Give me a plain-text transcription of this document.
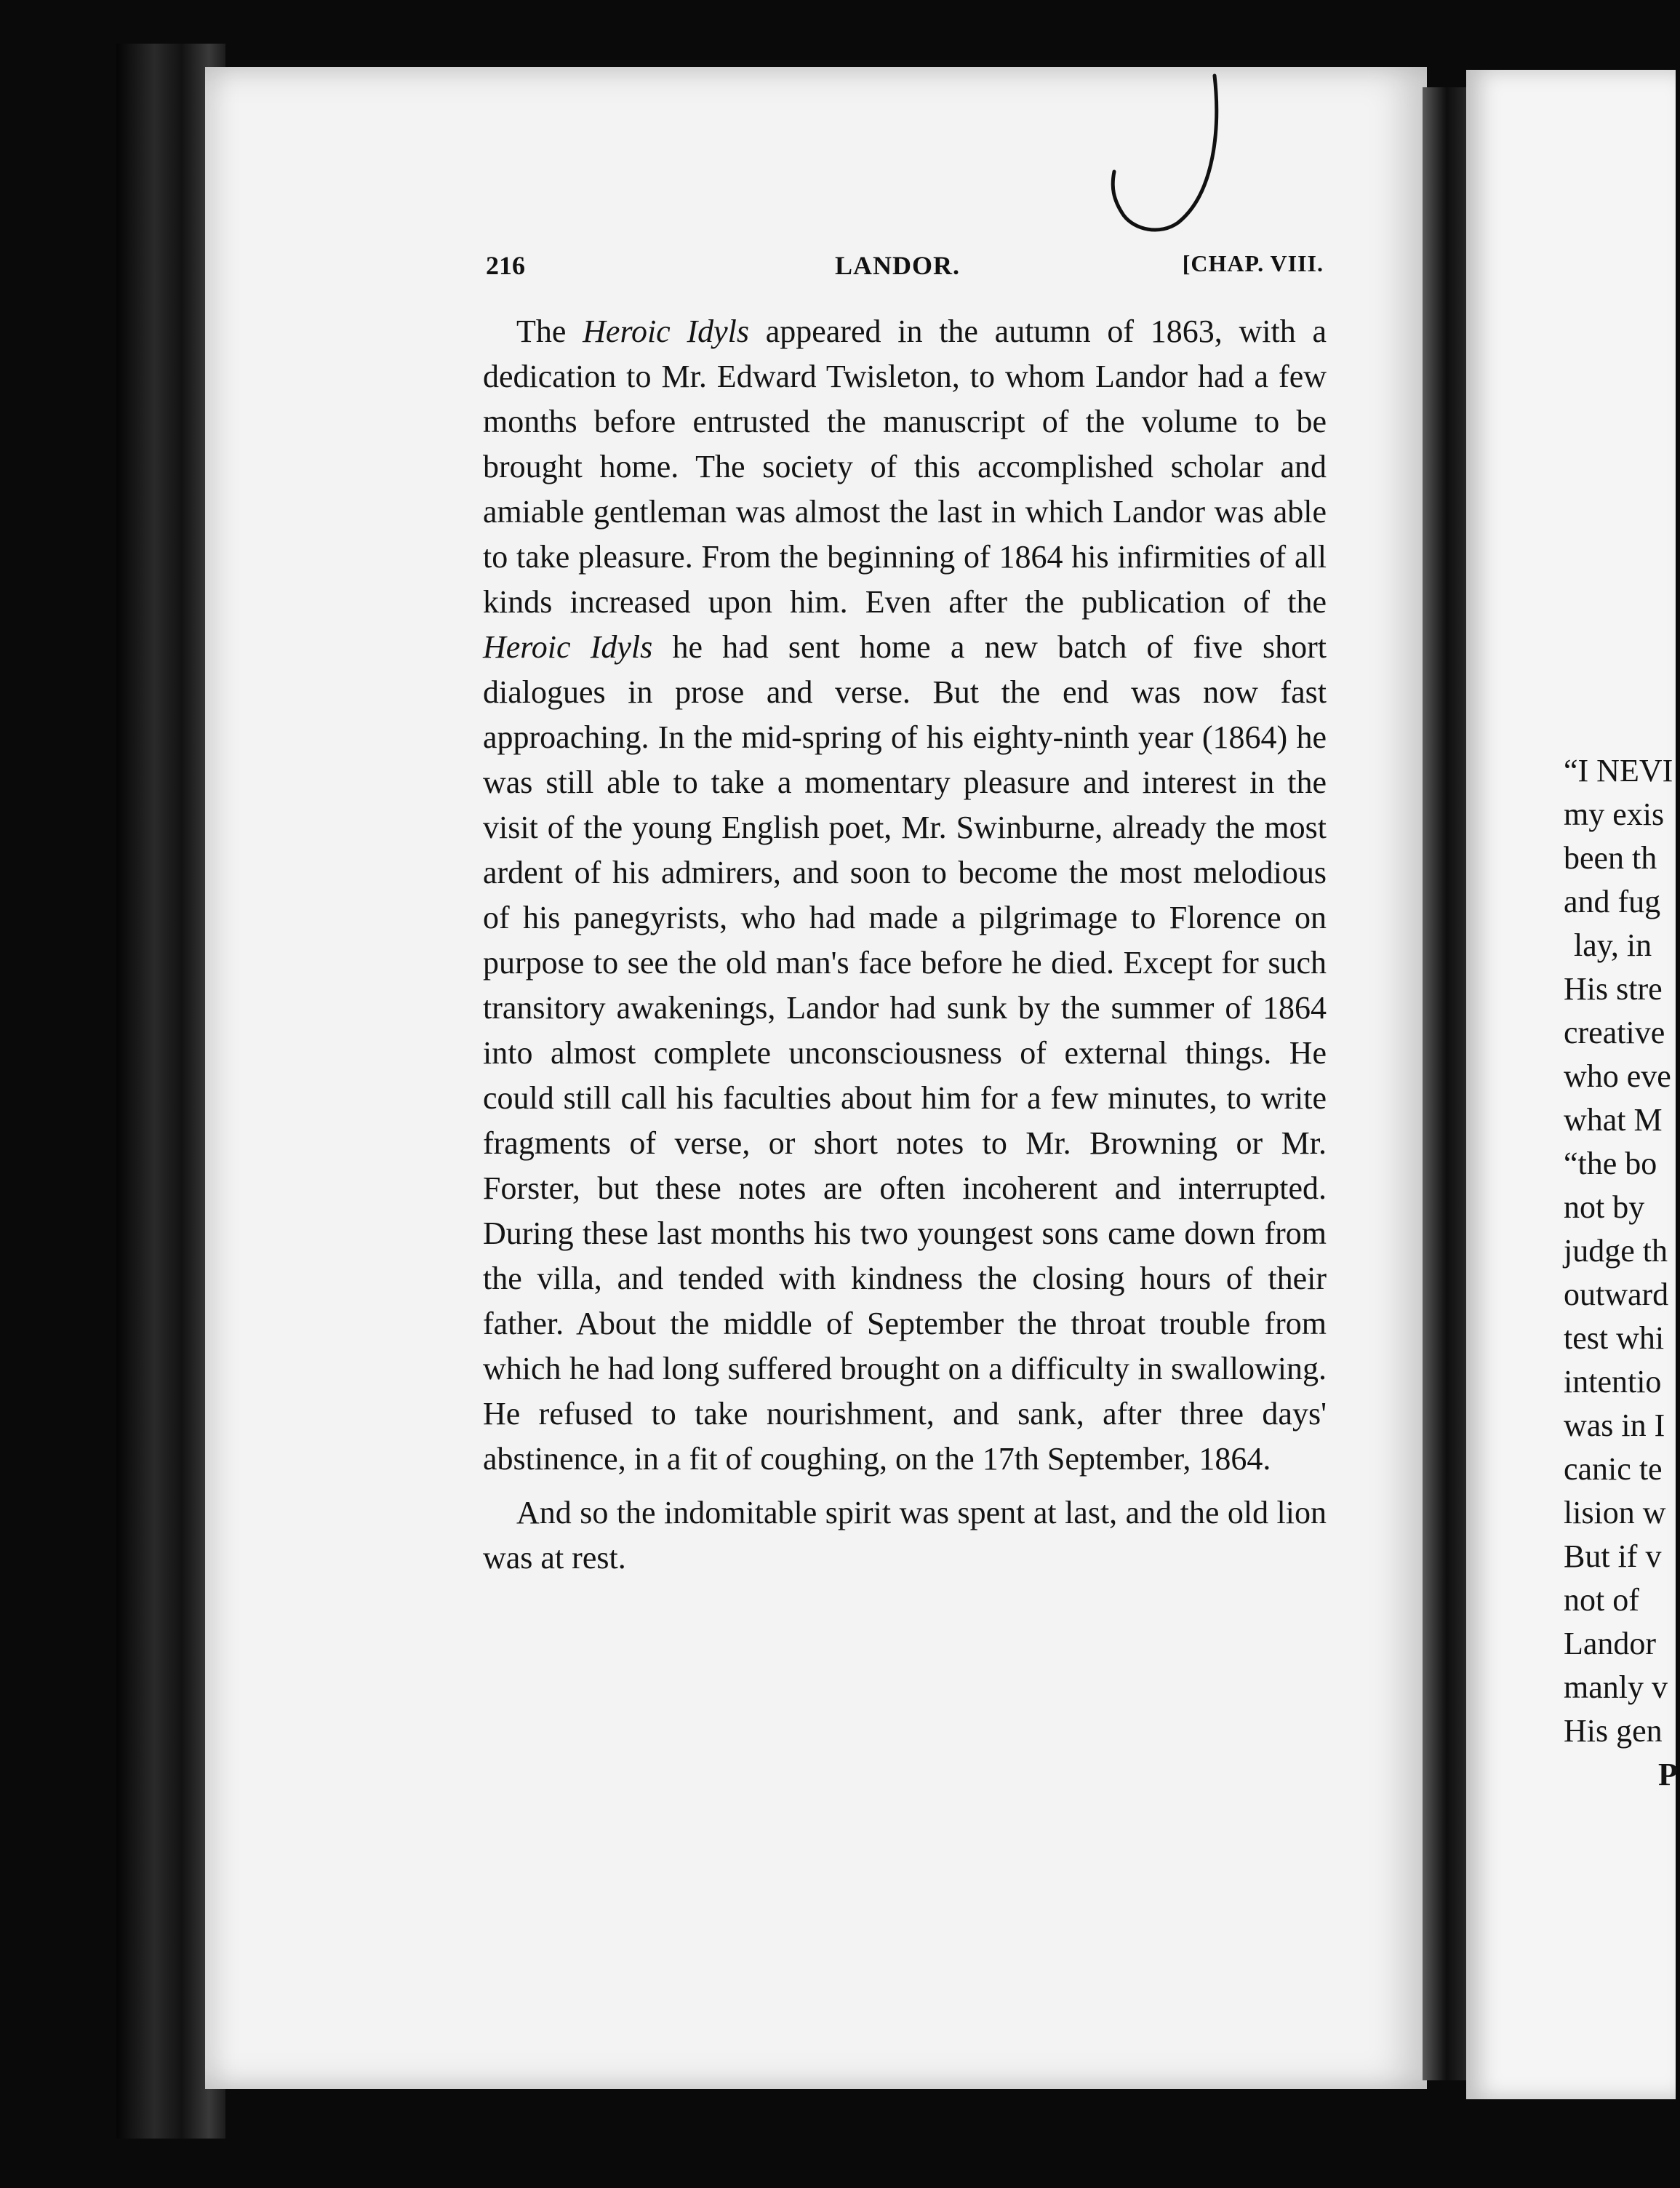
216	LANDOR.	[CHAP. VIII.

The Heroic Idyls appeared in the autumn of 1863, with a dedication to Mr. Edward Twisleton, to whom Landor had a few months before entrusted the manuscript of the volume to be brought home. The society of this accomplished scholar and amiable gentleman was almost the last in which Landor was able to take pleasure. From the beginning of 1864 his infirmities of all kinds increased upon him. Even after the publication of the Heroic Idyls he had sent home a new batch of five short dialogues in prose and verse. But the end was now fast approaching. In the mid-spring of his eighty-ninth year (1864) he was still able to take a momentary pleasure and interest in the visit of the young English poet, Mr. Swinburne, already the most ardent of his admirers, and soon to become the most melodious of his panegyrists, who had made a pilgrimage to Florence on purpose to see the old man's face before he died. Except for such transitory awakenings, Landor had sunk by the summer of 1864 into almost complete unconsciousness of external things. He could still call his faculties about him for a few minutes, to write fragments of verse, or short notes to Mr. Browning or Mr. Forster, but these notes are often incoherent and interrupted. During these last months his two youngest sons came down from the villa, and tended with kindness the closing hours of their father. About the middle of September the throat trouble from which he had long suffered brought on a difficulty in swallowing. He refused to take nourishment, and sank, after three days' abstinence, in a fit of coughing, on the 17th September, 1864.

And so the indomitable spirit was spent at last, and the old lion was at rest.

“I NEVI
my exis
been th
and fug
lay, in
His stre
creative
who eve
what M
“the bo
not by
judge th
outward
test whi
intentio
was in I
canic te
lision w
But if v
not of
Landor
manly v
His gen
P
